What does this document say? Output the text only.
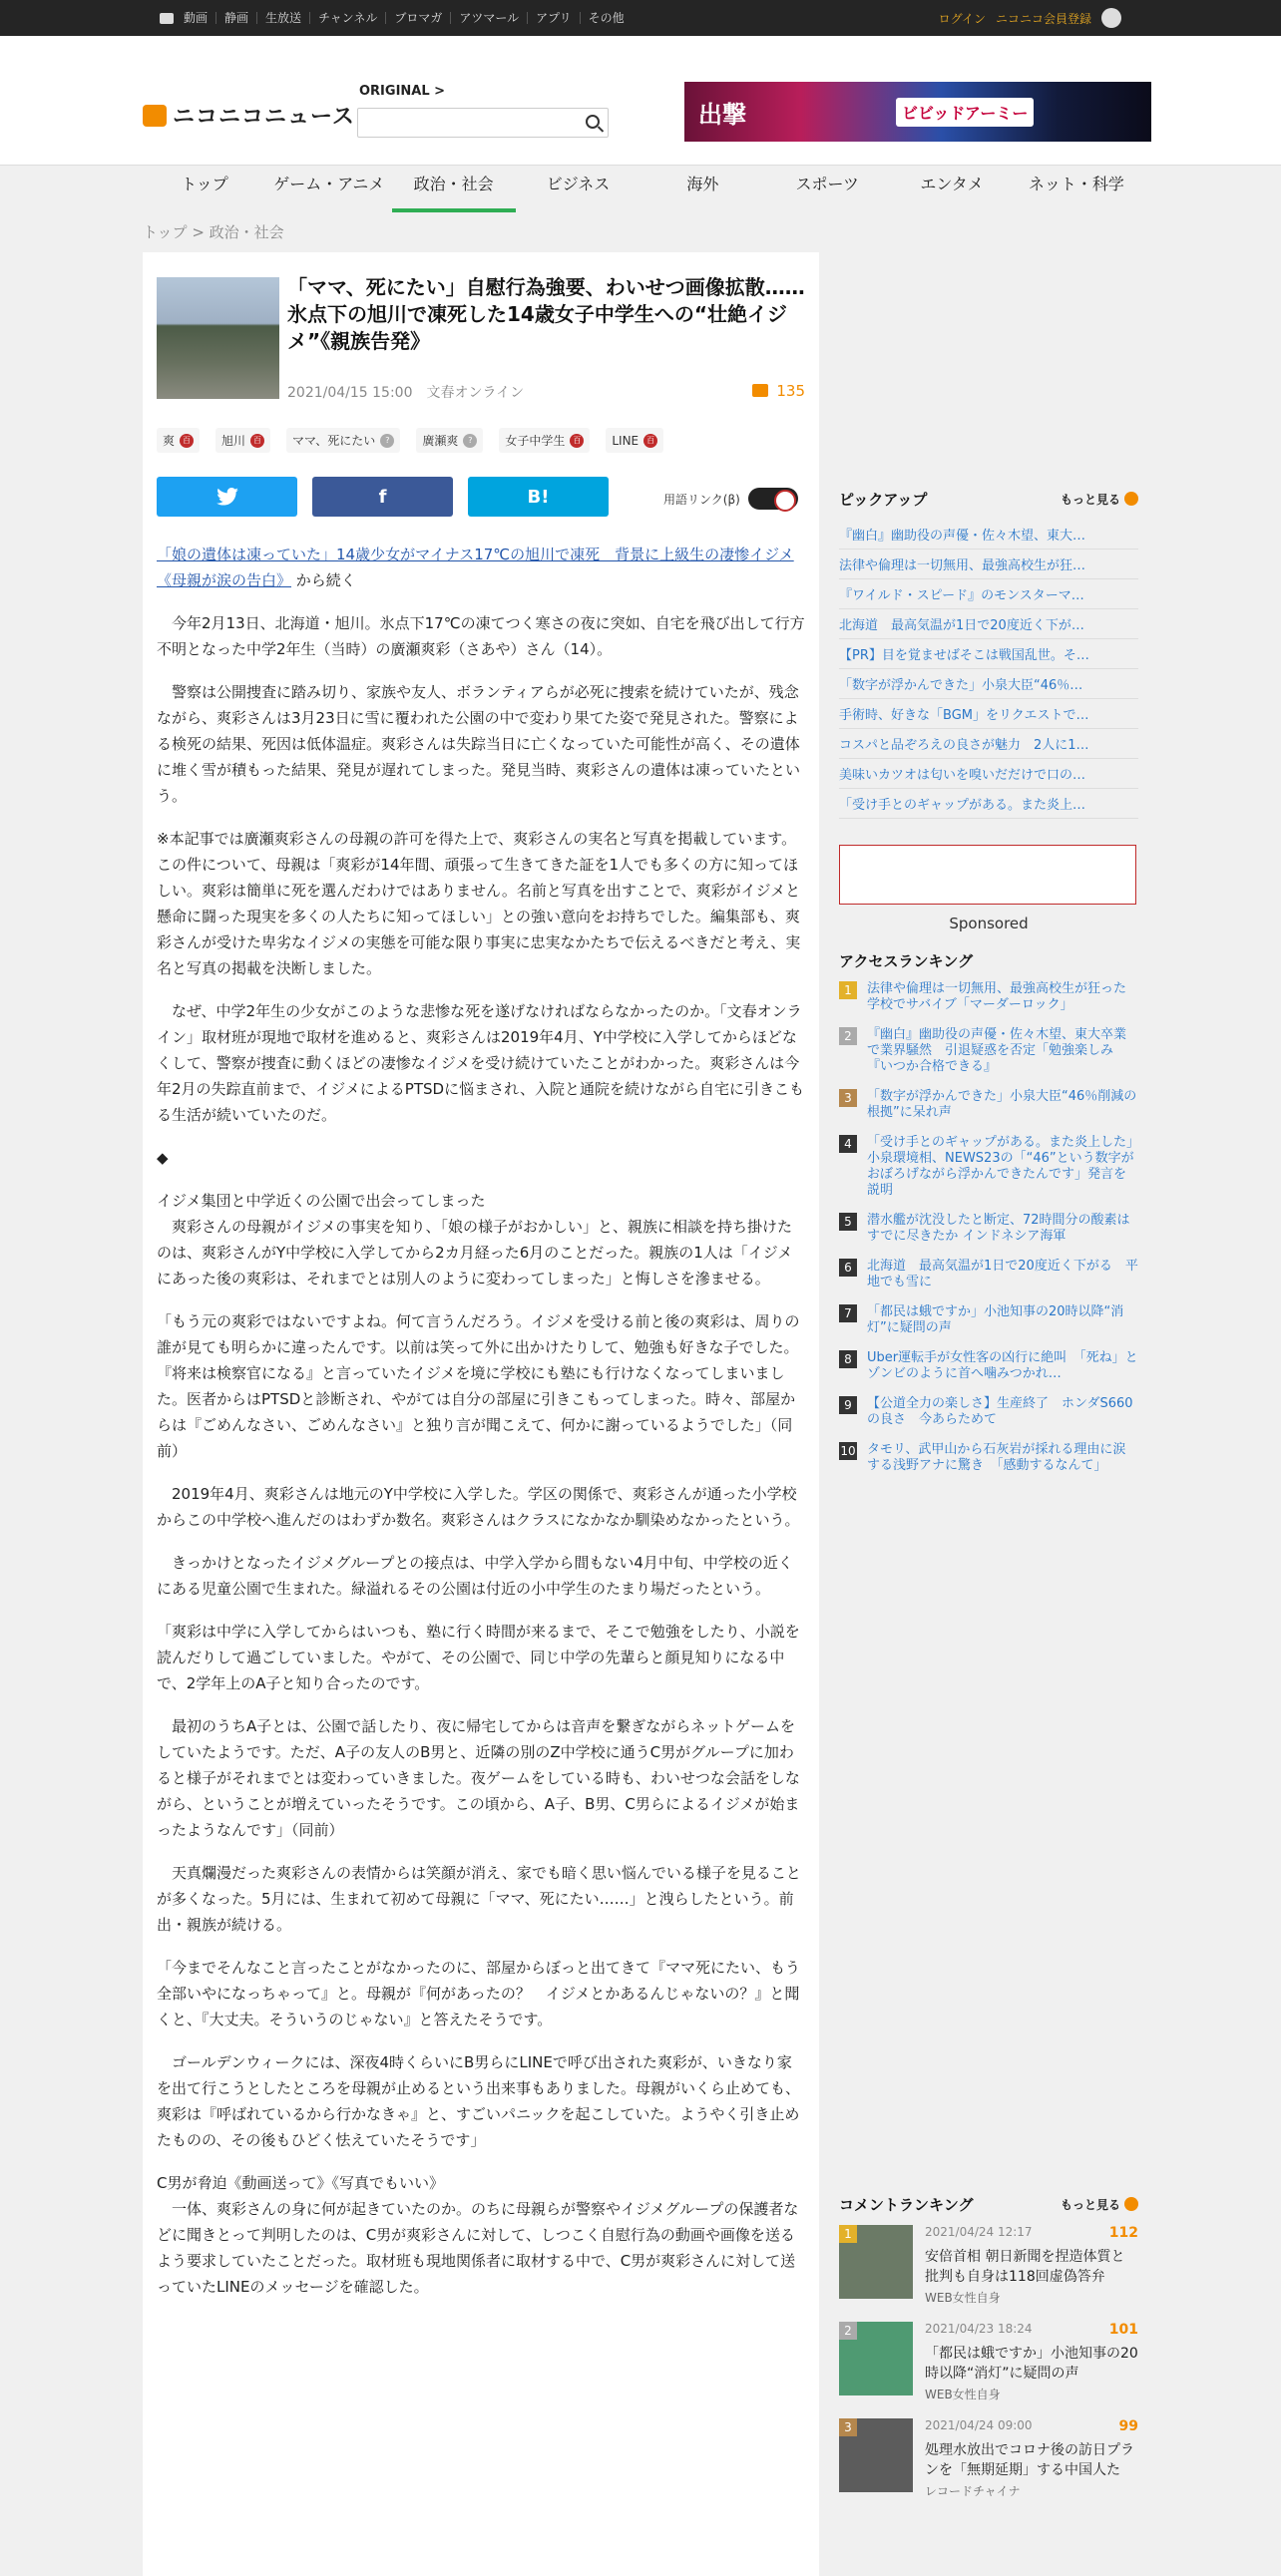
動画	静画	生放送	チャンネル	ブロマガ	アツマール	アプリ	その他	ログイン ニコニコ会員登録
ニコニコニュース
ORIGINAL >
出撃	ビビッドアーミー
トップ	ゲーム・アニメ	政治・社会	ビジネス	海外	スポーツ	エンタメ	ネット・科学
トップ > 政治・社会
「ママ、死にたい」自慰行為強要、わいせつ画像拡散……氷点下の旭川で凍死した14歳女子中学生への“壮絶イジメ”《親族告発》
2021/04/15 15:00 文春オンライン	135
爽	百	旭川	百	ママ、死にたい	?	廣瀬爽	?	女子中学生	百	LINE	百
f	B!	用語リンク(β)

「娘の遺体は凍っていた」14歳少女がマイナス17℃の旭川で凍死　背景に上級生の凄惨イジメ《母親が涙の告白》 から続く

　今年2月13日、北海道・旭川。氷点下17℃の凍てつく寒さの夜に突如、自宅を飛び出して行方不明となった中学2年生（当時）の廣瀬爽彩（さあや）さん（14）。

　警察は公開捜査に踏み切り、家族や友人、ボランティアらが必死に捜索を続けていたが、残念ながら、爽彩さんは3月23日に雪に覆われた公園の中で変わり果てた姿で発見された。警察による検死の結果、死因は低体温症。爽彩さんは失踪当日に亡くなっていた可能性が高く、その遺体に堆く雪が積もった結果、発見が遅れてしまった。発見当時、爽彩さんの遺体は凍っていたという。

※本記事では廣瀬爽彩さんの母親の許可を得た上で、爽彩さんの実名と写真を掲載しています。この件について、母親は「爽彩が14年間、頑張って生きてきた証を1人でも多くの方に知ってほしい。爽彩は簡単に死を選んだわけではありません。名前と写真を出すことで、爽彩がイジメと懸命に闘った現実を多くの人たちに知ってほしい」との強い意向をお持ちでした。編集部も、爽彩さんが受けた卑劣なイジメの実態を可能な限り事実に忠実なかたちで伝えるべきだと考え、実名と写真の掲載を決断しました。

　なぜ、中学2年生の少女がこのような悲惨な死を遂げなければならなかったのか。「文春オンライン」取材班が現地で取材を進めると、爽彩さんは2019年4月、Y中学校に入学してからほどなくして、警察が捜査に動くほどの凄惨なイジメを受け続けていたことがわかった。爽彩さんは今年2月の失踪直前まで、イジメによるPTSDに悩まされ、入院と通院を続けながら自宅に引きこもる生活が続いていたのだ。

◆

イジメ集団と中学近くの公園で出会ってしまった
　爽彩さんの母親がイジメの事実を知り、「娘の様子がおかしい」と、親族に相談を持ち掛けたのは、爽彩さんがY中学校に入学してから2カ月経った6月のことだった。親族の1人は「イジメにあった後の爽彩は、それまでとは別人のように変わってしまった」と悔しさを滲ませる。

「もう元の爽彩ではないですよね。何て言うんだろう。イジメを受ける前と後の爽彩は、周りの誰が見ても明らかに違ったんです。以前は笑って外に出かけたりして、勉強も好きな子でした。『将来は検察官になる』と言っていたイジメを境に学校にも塾にも行けなくなってしまいました。医者からはPTSDと診断され、やがては自分の部屋に引きこもってしまった。時々、部屋からは『ごめんなさい、ごめんなさい』と独り言が聞こえて、何かに謝っているようでした」（同前）

　2019年4月、爽彩さんは地元のY中学校に入学した。学区の関係で、爽彩さんが通った小学校からこの中学校へ進んだのはわずか数名。爽彩さんはクラスになかなか馴染めなかったという。

　きっかけとなったイジメグループとの接点は、中学入学から間もない4月中旬、中学校の近くにある児童公園で生まれた。緑溢れるその公園は付近の小中学生のたまり場だったという。

「爽彩は中学に入学してからはいつも、塾に行く時間が来るまで、そこで勉強をしたり、小説を読んだりして過ごしていました。やがて、その公園で、同じ中学の先輩らと顔見知りになる中で、2学年上のA子と知り合ったのです。

　最初のうちA子とは、公園で話したり、夜に帰宅してからは音声を繋ぎながらネットゲームをしていたようです。ただ、A子の友人のB男と、近隣の別のZ中学校に通うC男がグループに加わると様子がそれまでとは変わっていきました。夜ゲームをしている時も、わいせつな会話をしながら、ということが増えていったそうです。この頃から、A子、B男、C男らによるイジメが始まったようなんです」（同前）

　天真爛漫だった爽彩さんの表情からは笑顔が消え、家でも暗く思い悩んでいる様子を見ることが多くなった。5月には、生まれて初めて母親に「ママ、死にたい……」と洩らしたという。前出・親族が続ける。

「今までそんなこと言ったことがなかったのに、部屋からぼっと出てきて『ママ死にたい、もう全部いやになっちゃって』と。母親が『何があったの？　イジメとかあるんじゃないの？』と聞くと、『大丈夫。そういうのじゃない』と答えたそうです。

　ゴールデンウィークには、深夜4時くらいにB男らにLINEで呼び出された爽彩が、いきなり家を出て行こうとしたところを母親が止めるという出来事もありました。母親がいくら止めても、爽彩は『呼ばれているから行かなきゃ』と、すごいパニックを起こしていた。ようやく引き止めたものの、その後もひどく怯えていたそうです」

C男が脅迫《動画送って》《写真でもいい》
　一体、爽彩さんの身に何が起きていたのか。のちに母親らが警察やイジメグループの保護者などに聞きとって判明したのは、C男が爽彩さんに対して、しつこく自慰行為の動画や画像を送るよう要求していたことだった。取材班も現地関係者に取材する中で、C男が爽彩さんに対して送っていたLINEのメッセージを確認した。

ピックアップ	もっと見る
『幽白』幽助役の声優・佐々木望、東大…
法律や倫理は一切無用、最強高校生が狂…
『ワイルド・スピード』のモンスターマ…
北海道　最高気温が1日で20度近く下が…
【PR】目を覚ませばそこは戦国乱世。そ…
「数字が浮かんできた」小泉大臣“46％…
手術時、好きな「BGM」をリクエストで…
コスパと品ぞろえの良さが魅力　2人に1…
美味いカツオは匂いを嗅いだだけで口の…
「受け手とのギャップがある。また炎上…
Sponsored
アクセスランキング
1	法律や倫理は一切無用、最強高校生が狂った学校でサバイブ「マーダーロック」
2	『幽白』幽助役の声優・佐々木望、東大卒業で業界騒然　引退疑惑を否定「勉強楽しみ『いつか合格できる』
3	「数字が浮かんできた」小泉大臣“46％削減の根拠”に呆れ声
4	「受け手とのギャップがある。また炎上した」小泉環境相、NEWS23の「“46”という数字がおぼろげながら浮かんできたんです」発言を説明
5	潜水艦が沈没したと断定、72時間分の酸素はすでに尽きたか インドネシア海軍
6	北海道　最高気温が1日で20度近く下がる　平地でも雪に
7	「都民は蛾ですか」小池知事の20時以降“消灯”に疑問の声
8	Uber運転手が女性客の凶行に絶叫　「死ね」とゾンビのように首へ噛みつかれ…
9	【公道全力の楽しさ】生産終了　ホンダS660の良さ　今あらためて
10 タモリ、武甲山から石灰岩が採れる理由に涙する浅野アナに驚き　「感動するなんて」
コメントランキング	もっと見る
1	2021/04/24 12:17	112
安倍首相 朝日新聞を捏造体質と批判も自身は118回虚偽答弁
WEB女性自身
2	2021/04/23 18:24	101
「都民は蛾ですか」小池知事の20時以降“消灯”に疑問の声
WEB女性自身
3	2021/04/24 09:00	99
処理水放出でコロナ後の訪日プランを「無期延期」する中国人た
レコードチャイナ
